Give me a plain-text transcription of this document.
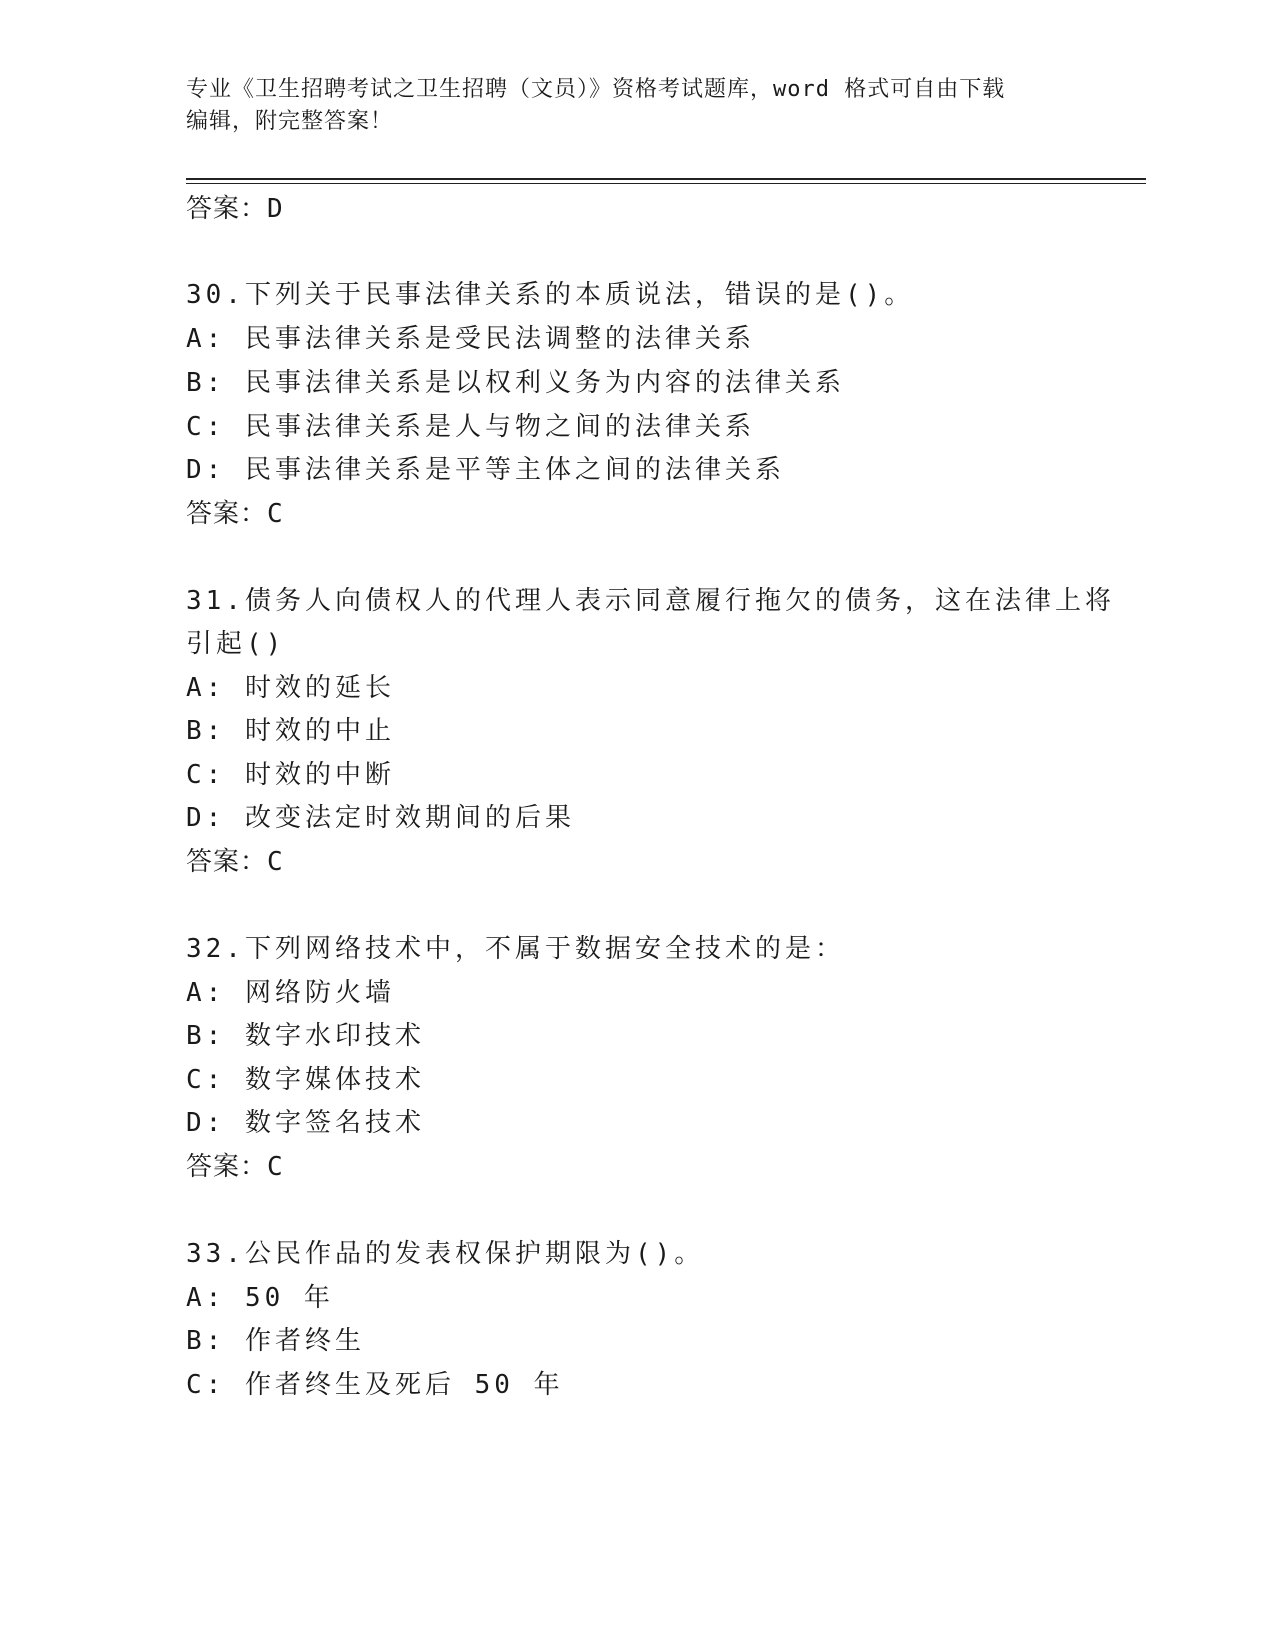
专业《卫生招聘考试之卫生招聘（文员）》资格考试题库，word 格式可自由下载
编辑，附完整答案！
答案：D
30.下列关于民事法律关系的本质说法，错误的是()。
A: 民事法律关系是受民法调整的法律关系
B: 民事法律关系是以权利义务为内容的法律关系
C: 民事法律关系是人与物之间的法律关系
D: 民事法律关系是平等主体之间的法律关系
答案：C
31.债务人向债权人的代理人表示同意履行拖欠的债务，这在法律上将
引起()
A: 时效的延长
B: 时效的中止
C: 时效的中断
D: 改变法定时效期间的后果
答案：C
32.下列网络技术中，不属于数据安全技术的是：
A: 网络防火墙
B: 数字水印技术
C: 数字媒体技术
D: 数字签名技术
答案：C
33.公民作品的发表权保护期限为()。
A: 50 年
B: 作者终生
C: 作者终生及死后 50 年
